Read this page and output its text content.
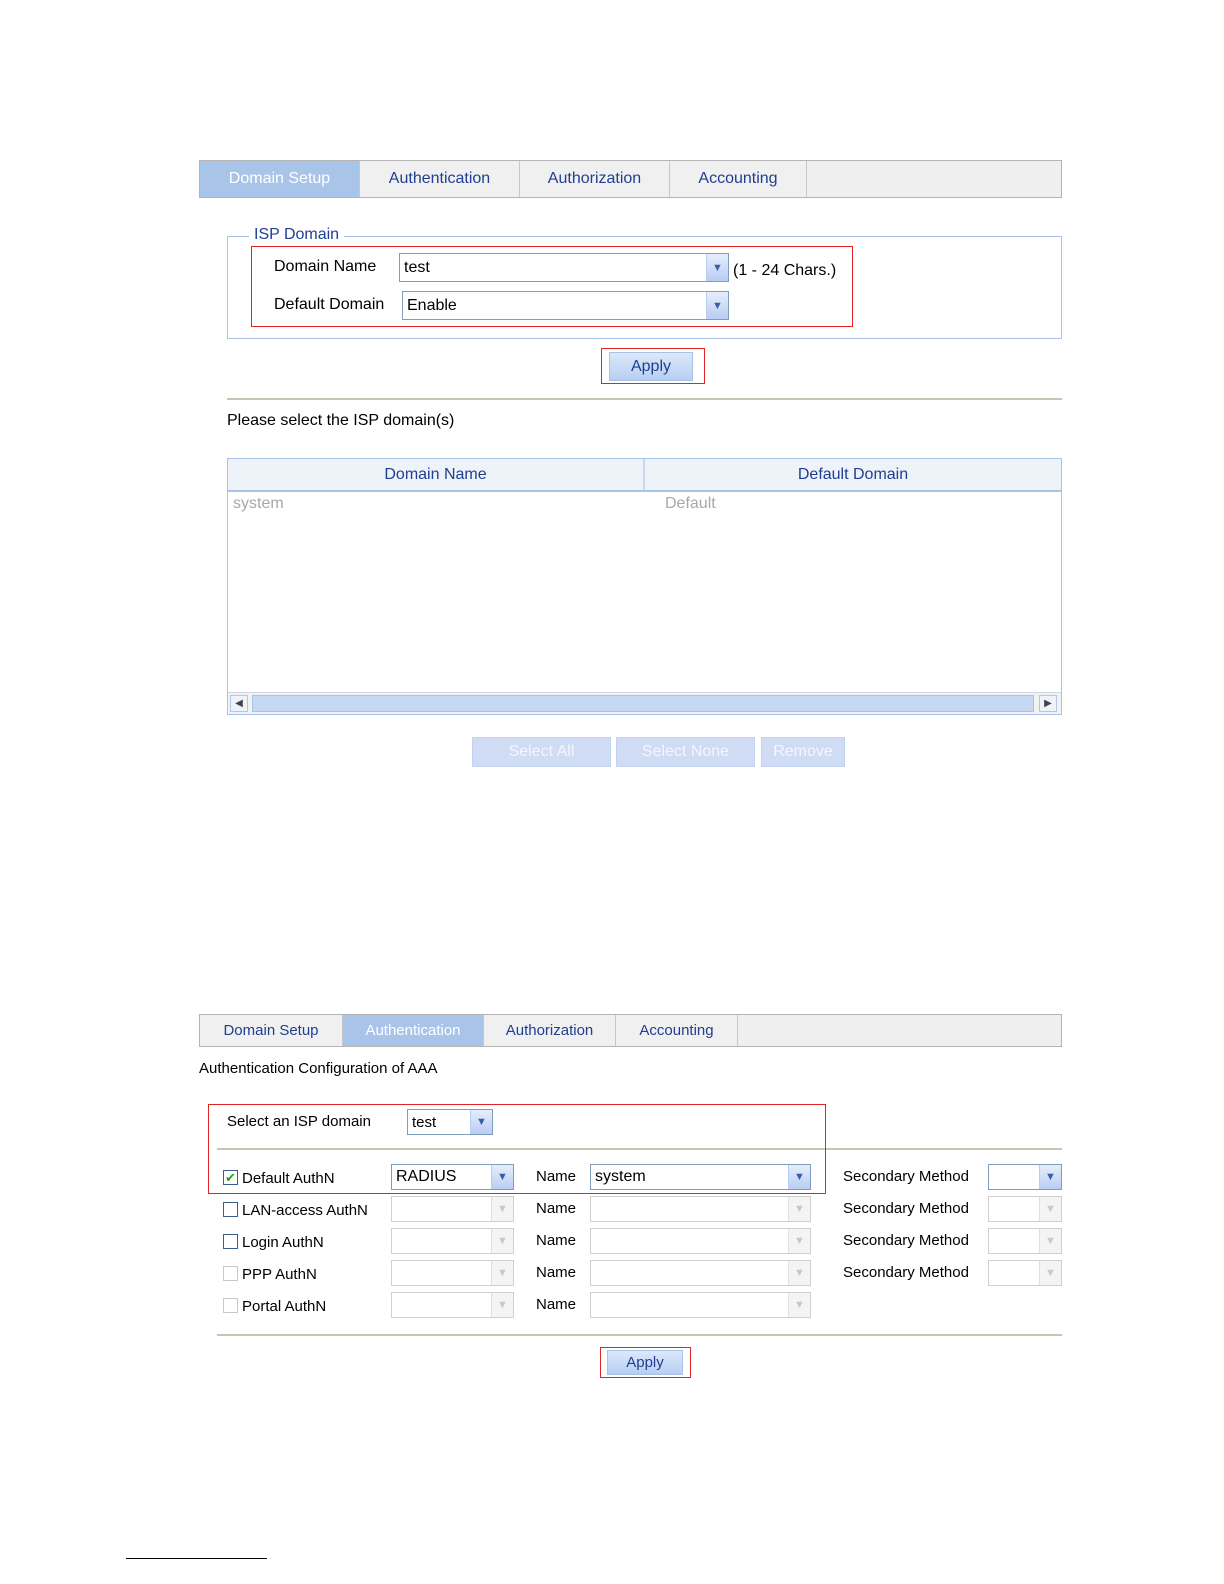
Domain Setup	Authentication	Authorization	Accounting
ISP Domain
Domain Name test	▼ (1 - 24 Chars.)
Default Domain Enable	▼
Apply
Please select the ISP domain(s)
Domain Name	Default Domain
system	Default
◀	▶
Select All	Select None	Remove
Domain Setup	Authentication	Authorization	Accounting
Authentication Configuration of AAA
Select an ISP domain	test	▼
✔ Default AuthN	RADIUS	▼	Name system	▼	Secondary Method	▼
LAN-access AuthN	▼	Name	▼	Secondary Method	▼
Login AuthN	▼	Name	▼	Secondary Method	▼
PPP AuthN	▼	Name	▼	Secondary Method	▼
Portal AuthN	▼	Name	▼
Apply
